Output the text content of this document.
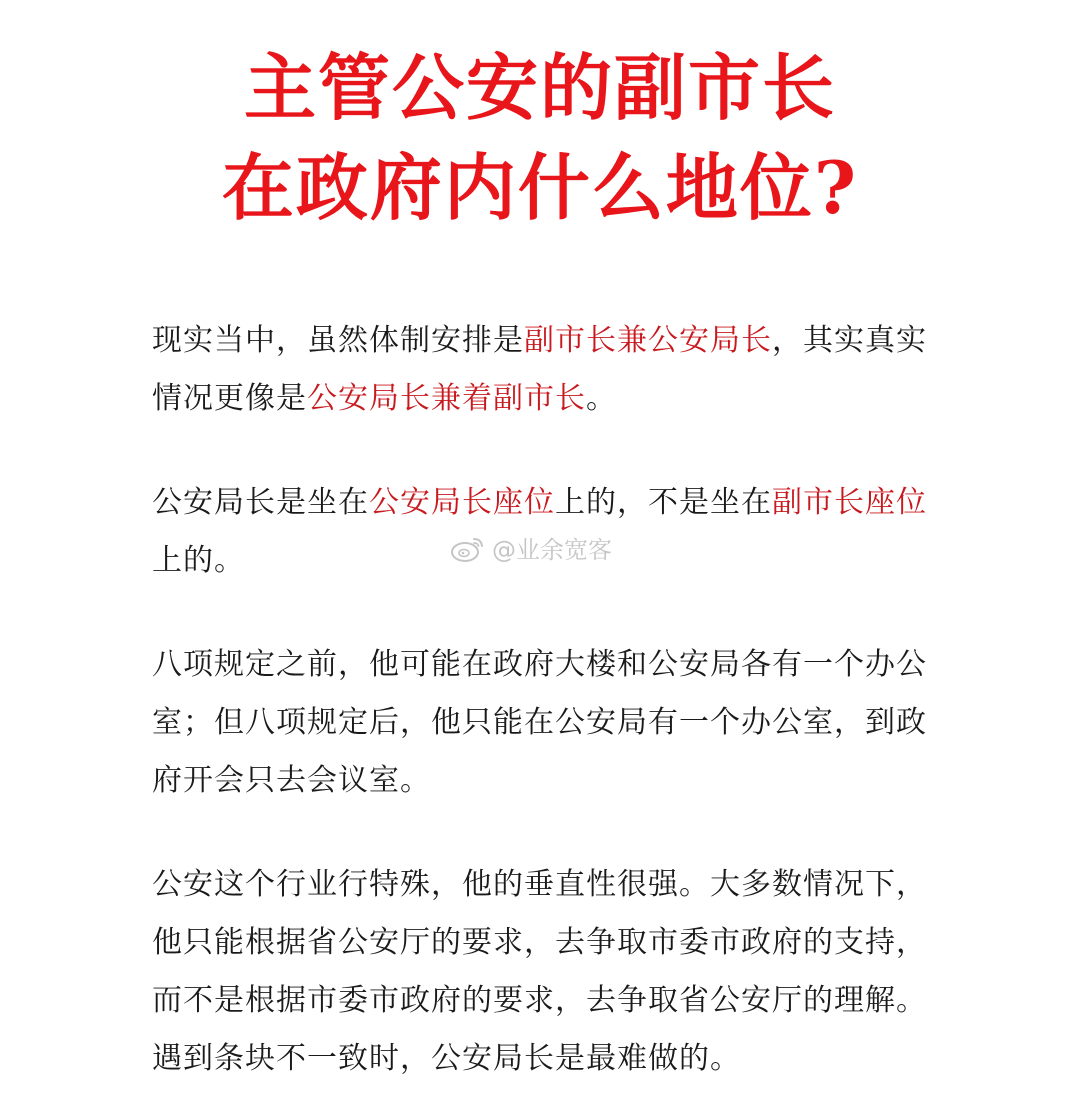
主管公安的副市长
在政府内什么地位?
现实当中，虽然体制安排是副市长兼公安局长，其实真实情况更像是公安局长兼着副市长。
公安局长是坐在公安局长座位上的，不是坐在副市长座位上的。
八项规定之前，他可能在政府大楼和公安局各有一个办公室；但八项规定后，他只能在公安局有一个办公室，到政府开会只去会议室。
公安这个行业行特殊，他的垂直性很强。大多数情况下，他只能根据省公安厅的要求，去争取市委市政府的支持，而不是根据市委市政府的要求，去争取省公安厅的理解。遇到条块不一致时，公安局长是最难做的。
@业余宽客
